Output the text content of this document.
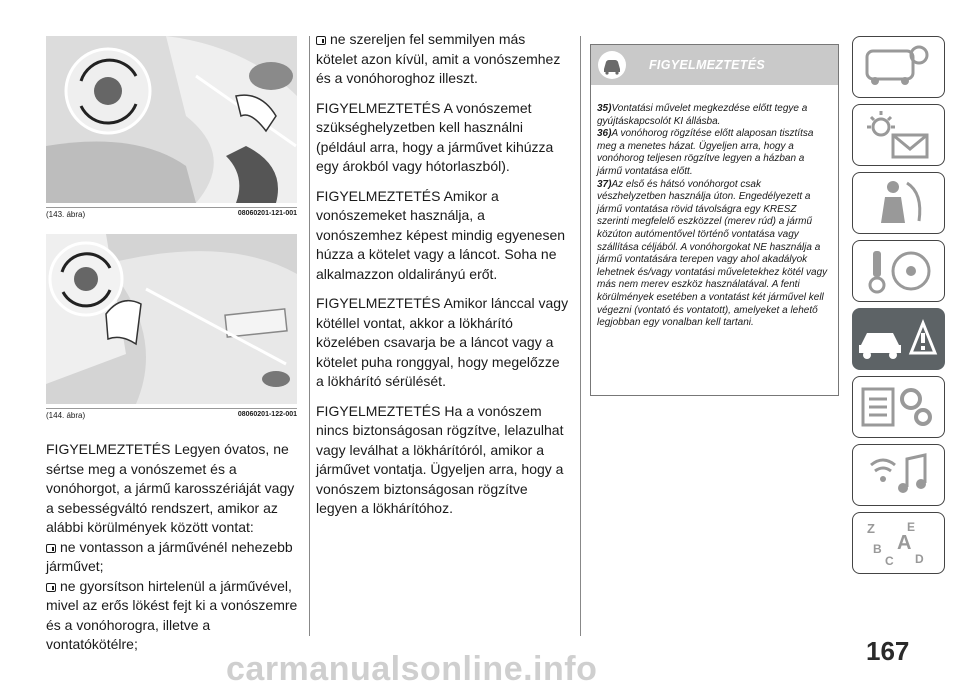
(143. ábra)	08060201-121-001
(144. ábra)	08060201-122-001

FIGYELMEZTETÉS Legyen óvatos, ne sértse meg a vonószemet és a vonóhorgot, a jármű karosszériáját vagy a sebességváltó rendszert, amikor az alábbi körülmények között vontat:

ne vontasson a járművénél nehezebb járművet;
ne gyorsítson hirtelenül a járművével, mivel az erős lökést fejt ki a vonószemre és a vonóhorogra, illetve a vontatókötélre;

ne szereljen fel semmilyen más kötelet azon kívül, amit a vonószemhez és a vonóhoroghoz illeszt.

FIGYELMEZTETÉS A vonószemet szükséghelyzetben kell használni (például arra, hogy a járművet kihúzza egy árokból vagy hótorlaszból).

FIGYELMEZTETÉS Amikor a vonószemeket használja, a vonószemhez képest mindig egyenesen húzza a kötelet vagy a láncot. Soha ne alkalmazzon oldalirányú erőt.

FIGYELMEZTETÉS Amikor lánccal vagy kötéllel vontat, akkor a lökhárító közelében csavarja be a láncot vagy a kötelet puha ronggyal, hogy megelőzze a lökhárító sérülését.

FIGYELMEZTETÉS Ha a vonószem nincs biztonságosan rögzítve, lelazulhat vagy leválhat a lökhárítóról, amikor a járművet vontatja. Ügyeljen arra, hogy a vonószem biztonságosan rögzítve legyen a lökhárítóhoz.

FIGYELMEZTETÉS

35)Vontatási művelet megkezdése előtt tegye a gyújtáskapcsolót KI állásba.

36)A vonóhorog rögzítése előtt alaposan tisztítsa meg a menetes házat. Ügyeljen arra, hogy a vonóhorog teljesen rögzítve legyen a házban a jármű vontatása előtt.

37)Az első és hátsó vonóhorgot csak vészhelyzetben használja úton. Engedélyezett a jármű vontatása rövid távolságra egy KRESZ szerinti megfelelő eszközzel (merev rúd) a jármű közúton autómentővel történő vontatása vagy szállítása céljából. A vonóhorgokat NE használja a jármű vontatására terepen vagy ahol akadályok lehetnek és/vagy vontatási műveletekhez kötél vagy más nem merev eszköz használatával. A fenti körülmények esetében a vontatást két járművel kell végezni (vontató és vontatott), amelyeket a lehető legjobban egy vonalban kell tartani.

Z	E
B A
C D
167
carmanualsonline.info
